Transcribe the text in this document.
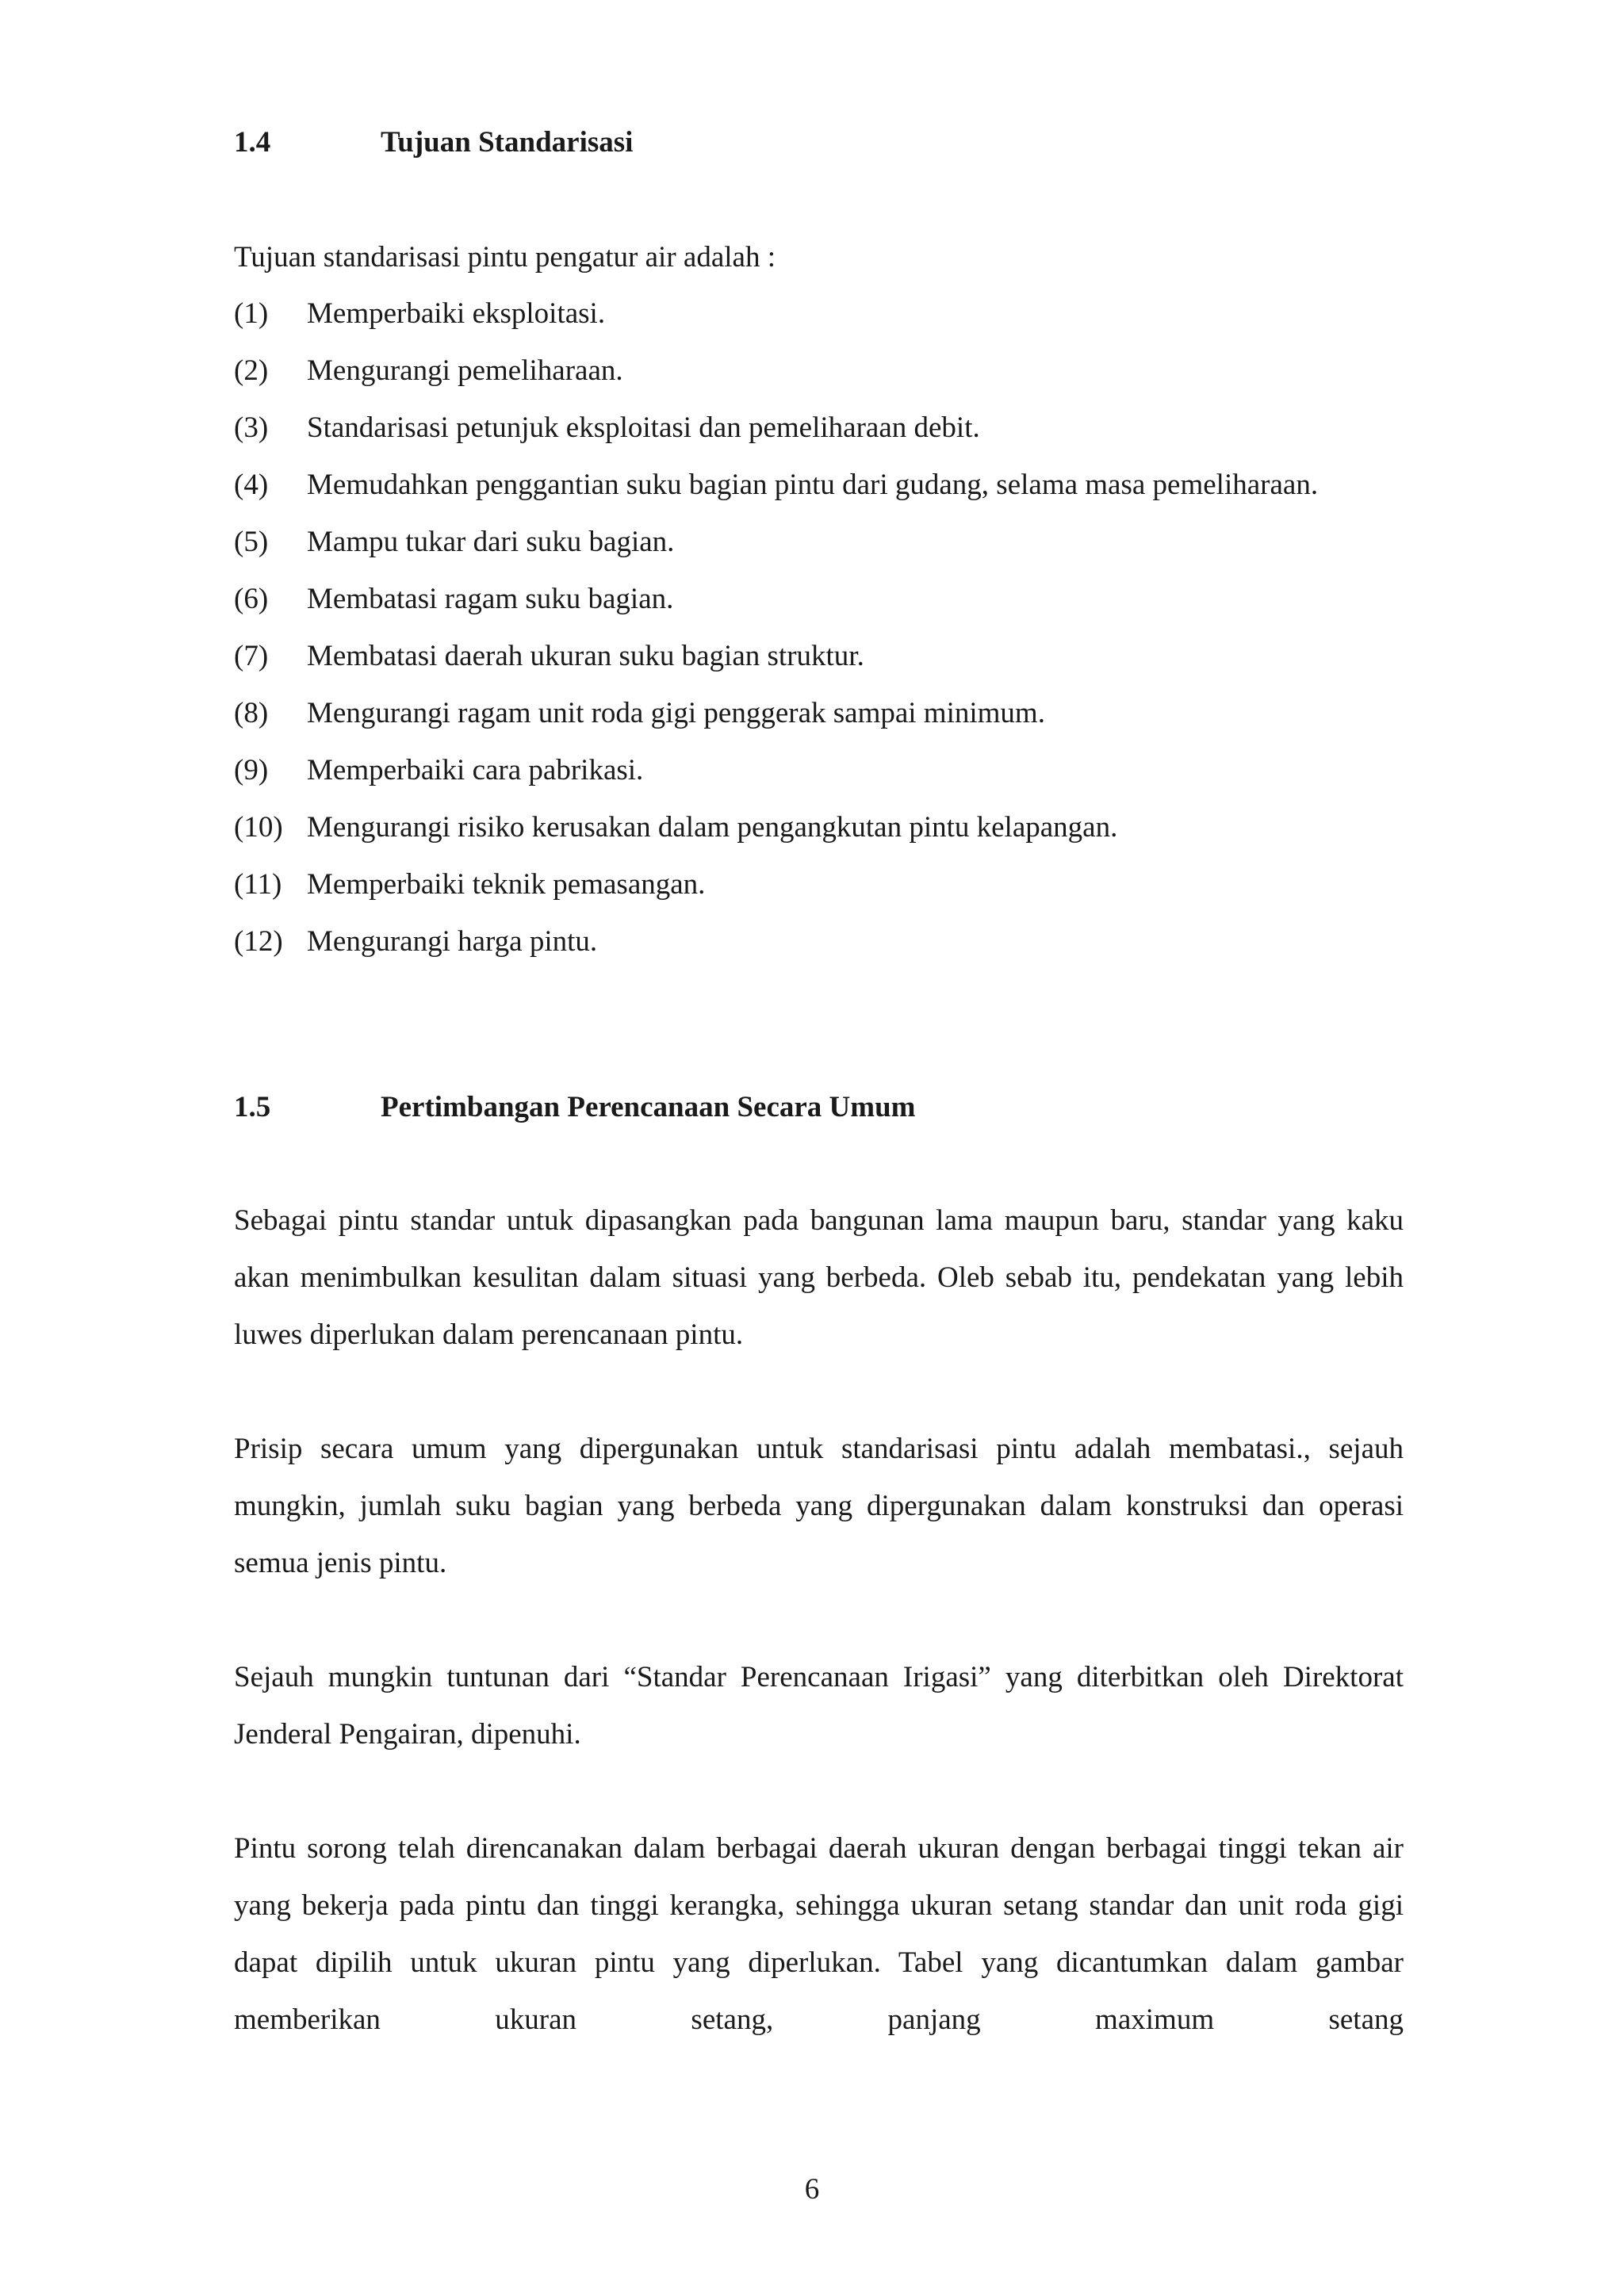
1.4	Tujuan Standarisasi
Tujuan standarisasi pintu pengatur air adalah :
(1)	Memperbaiki eksploitasi.
(2)	Mengurangi pemeliharaan.
(3)	Standarisasi petunjuk eksploitasi dan pemeliharaan debit.
(4)	Memudahkan penggantian suku bagian pintu dari gudang, selama masa pemeliharaan.
(5)	Mampu tukar dari suku bagian.
(6)	Membatasi ragam suku bagian.
(7)	Membatasi daerah ukuran suku bagian struktur.
(8)	Mengurangi ragam unit roda gigi penggerak sampai minimum.
(9)	Memperbaiki cara pabrikasi.
(10) Mengurangi risiko kerusakan dalam pengangkutan pintu kelapangan.
(11) Memperbaiki teknik pemasangan.
(12) Mengurangi harga pintu.
1.5	Pertimbangan Perencanaan Secara Umum
Sebagai pintu standar untuk dipasangkan pada bangunan lama maupun baru, standar yang kaku akan menimbulkan kesulitan dalam situasi yang berbeda. Oleb sebab itu, pendekatan yang lebih luwes diperlukan dalam perencanaan pintu.
Prisip secara umum yang dipergunakan untuk standarisasi pintu adalah membatasi., sejauh mungkin, jumlah suku bagian yang berbeda yang dipergunakan dalam konstruksi dan operasi semua jenis pintu.
Sejauh mungkin tuntunan dari “Standar Perencanaan Irigasi” yang diterbitkan oleh Direktorat Jenderal Pengairan, dipenuhi.
Pintu sorong telah direncanakan dalam berbagai daerah ukuran dengan berbagai tinggi tekan air yang bekerja pada pintu dan tinggi kerangka, sehingga ukuran setang standar dan unit roda gigi dapat dipilih untuk ukuran pintu yang diperlukan. Tabel yang dicantumkan dalam gambar memberikan ukuran setang, panjang maximum setang
6
